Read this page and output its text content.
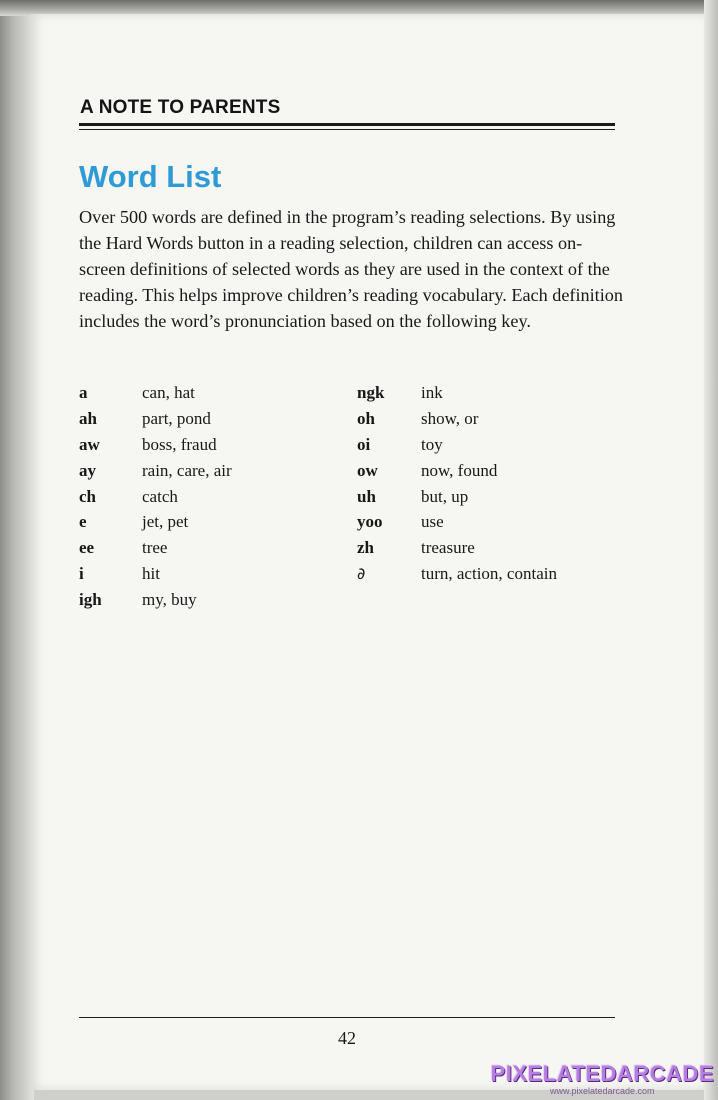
A NOTE TO PARENTS
Word List

Over 500 words are defined in the program’s reading selections. By using the Hard Words button in a reading selection, children can access on-screen definitions of selected words as they are used in the context of the reading. This helps improve children’s reading vocabulary. Each definition includes the word’s pronunciation based on the following key.

a	can, hat
ah	part, pond
aw boss, fraud
ay	rain, care, air
ch	catch
e	jet, pet
ee	tree
i	hit
igh my, buy
ngk ink
oh	show, or
oi	toy
ow	now, found
uh	but, up
yoo use
zh	treasure
∂	turn, action, contain
42
PIXELATEDARCADE
www.pixelatedarcade.com
